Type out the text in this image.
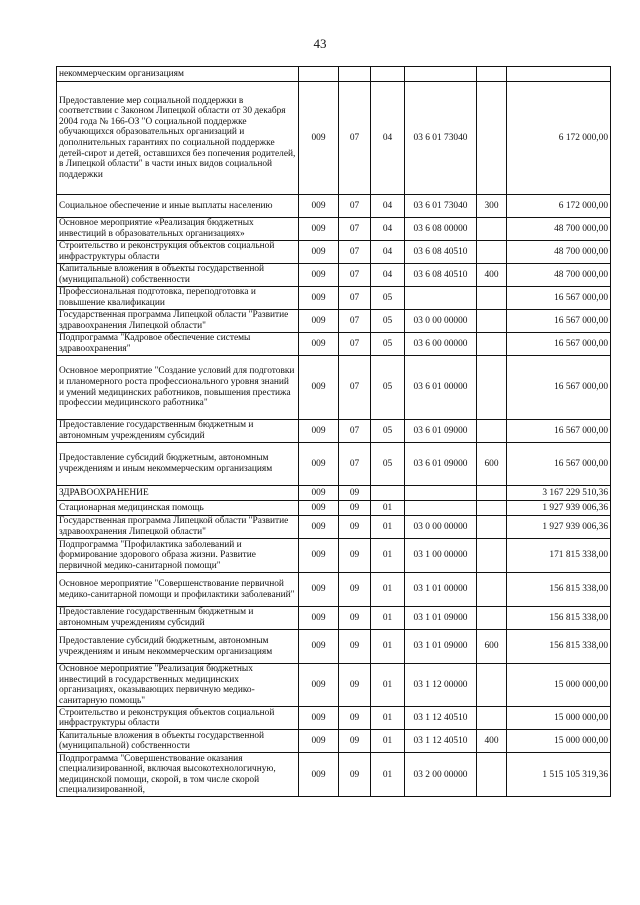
43
некоммерческим организациям						
Предоставление мер социальной поддержки в соответствии с Законом Липецкой области от 30 декабря 2004 года № 166-ОЗ "О социальной поддержке обучающихся образовательных организаций и дополнительных гарантиях по социальной поддержке детей-сирот и детей, оставшихся без попечения родителей, в Липецкой области" в части иных видов социальной поддержки	009	07	04	03 6 01 73040		6 172 000,00
Социальное обеспечение и иные выплаты населению	009	07	04	03 6 01 73040	300	6 172 000,00
Основное мероприятие «Реализация бюджетных инвестиций в образовательных организациях»	009	07	04	03 6 08 00000		48 700 000,00
Строительство и реконструкция объектов социальной инфраструктуры области	009	07	04	03 6 08 40510		48 700 000,00
Капитальные вложения в объекты государственной (муниципальной) собственности	009	07	04	03 6 08 40510	400	48 700 000,00
Профессиональная подготовка, переподготовка и повышение квалификации	009	07	05			16 567 000,00
Государственная программа Липецкой области "Развитие здравоохранения Липецкой области"	009	07	05	03 0 00 00000		16 567 000,00
Подпрограмма "Кадровое обеспечение системы здравоохранения"	009	07	05	03 6 00 00000		16 567 000,00
Основное мероприятие "Создание условий для подготовки и планомерного роста профессионального уровня знаний и умений медицинских работников, повышения престижа профессии медицинского работника"	009	07	05	03 6 01 00000		16 567 000,00
Предоставление государственным бюджетным и автономным учреждениям субсидий	009	07	05	03 6 01 09000		16 567 000,00
Предоставление субсидий бюджетным, автономным учреждениям и иным некоммерческим организациям	009	07	05	03 6 01 09000	600	16 567 000,00
ЗДРАВООХРАНЕНИЕ	009	09				3 167 229 510,36
Стационарная медицинская помощь	009	09	01			1 927 939 006,36
Государственная программа Липецкой области "Развитие здравоохранения Липецкой области"	009	09	01	03 0 00 00000		1 927 939 006,36
Подпрограмма "Профилактика заболеваний и формирование здорового образа жизни. Развитие первичной медико-санитарной помощи"	009	09	01	03 1 00 00000		171 815 338,00
Основное мероприятие "Совершенствование первичной медико-санитарной помощи и профилактики заболеваний"	009	09	01	03 1 01 00000		156 815 338,00
Предоставление государственным бюджетным и автономным учреждениям субсидий	009	09	01	03 1 01 09000		156 815 338,00
Предоставление субсидий бюджетным, автономным учреждениям и иным некоммерческим организациям	009	09	01	03 1 01 09000	600	156 815 338,00
Основное мероприятие "Реализация бюджетных инвестиций в государственных медицинских организациях, оказывающих первичную медико-санитарную помощь"	009	09	01	03 1 12 00000		15 000 000,00
Строительство и реконструкция объектов социальной инфраструктуры области	009	09	01	03 1 12 40510		15 000 000,00
Капитальные вложения в объекты государственной (муниципальной) собственности	009	09	01	03 1 12 40510	400	15 000 000,00
Подпрограмма "Совершенствование оказания специализированной, включая высокотехнологичную, медицинской помощи, скорой, в том числе скорой специализированной,	009	09	01	03 2 00 00000		1 515 105 319,36
